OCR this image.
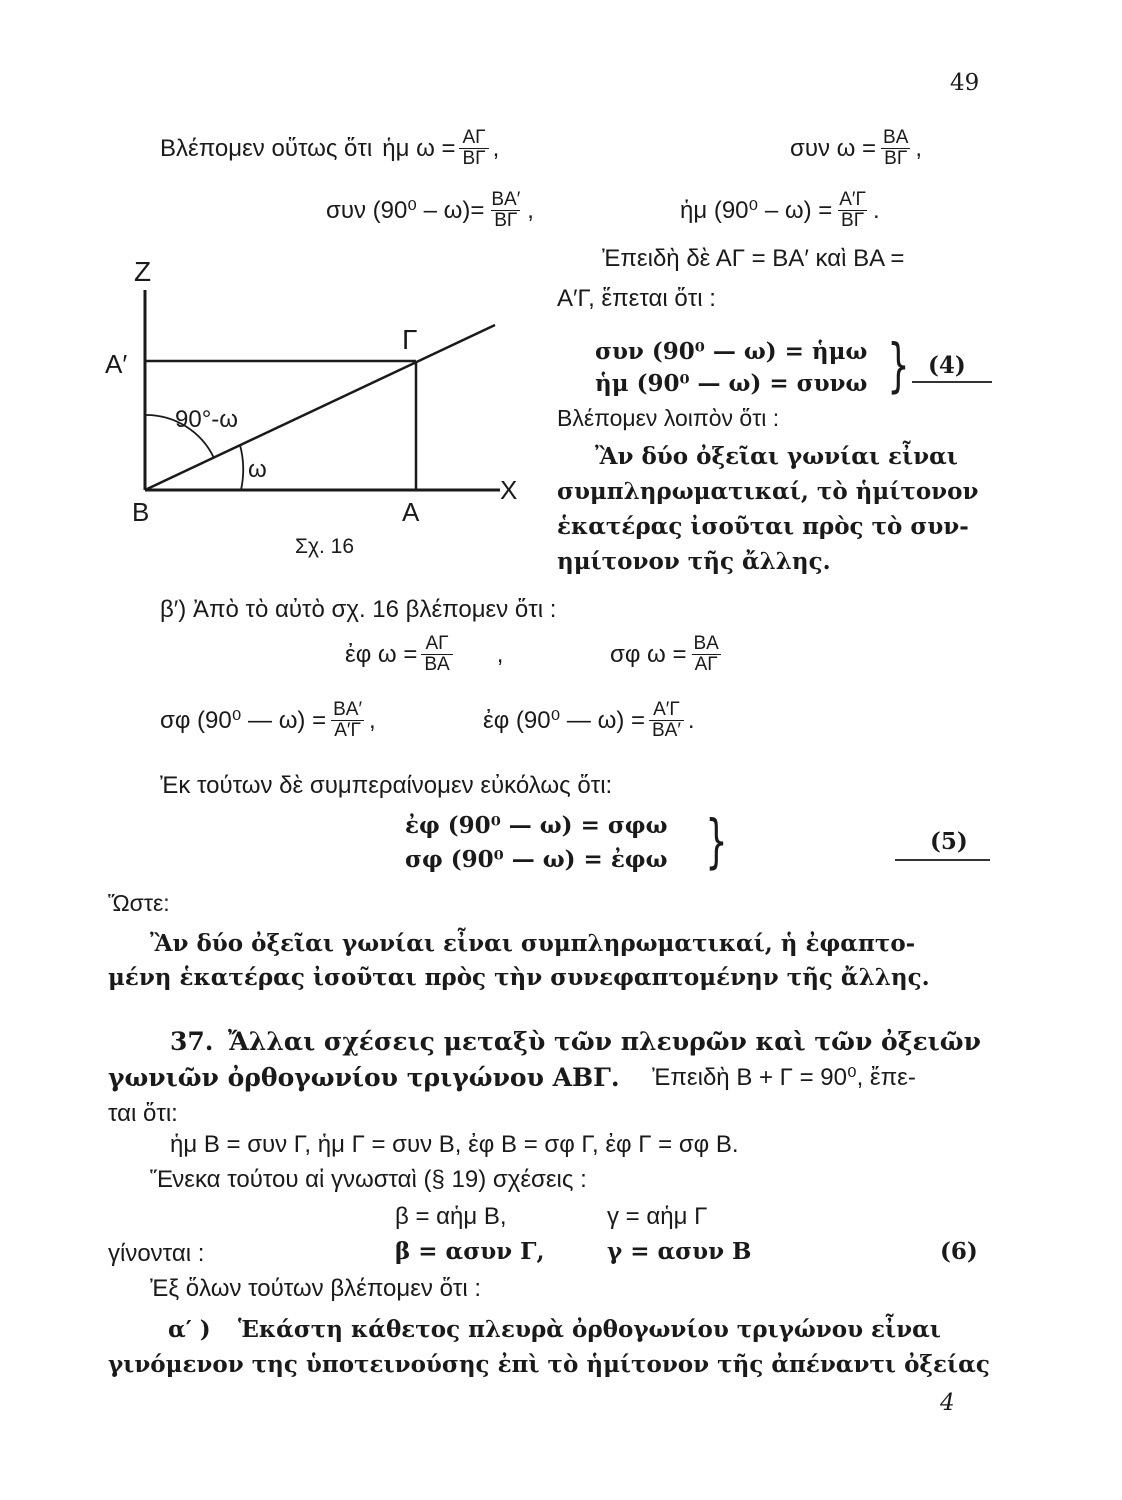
49
Βλέπομεν οὕτως ὅτι ἡμ $\omega = \frac{A\Gamma}{B\Gamma}$ ,	συν $\omega = \frac{BA}{B\Gamma}$ ,
συν $(90^0 - \omega)= \frac{BA'}{B\Gamma}$ ,	ἡμ $(90^0 - \omega) = \frac{A'\Gamma}{B\Gamma}$ .
Z
A′
Γ
90°-ω
ω
B	A
X
Σχ. 16
Ἐπειδὴ δὲ ΑΓ = ΒΑ′ καὶ ΒΑ =
Α′Γ, ἕπεται ὅτι :
συν (90⁰ — ω) = ἡμω
ἡμ (90⁰ — ω) = συνω } (4)
Βλέπομεν λοιπὸν ὅτι :
Ἂν δύο ὀξεῖαι γωνίαι εἶναι
συμπληρωματικαί, τὸ ἡμίτονον
ἑκατέρας ἰσοῦται πρὸς τὸ συν-
ημίτονον τῆς ἄλλης.
β′) Ἀπὸ τὸ αὐτὸ σχ. 16 βλέπομεν ὅτι :
ἐφ $\omega = \frac{A\Gamma}{BA}$ ,	σφ $\omega = \frac{BA}{A\Gamma}$
σφ (90⁰ — $\omega) = \frac{BA'}{A'\Gamma}$ ,	ἐφ (90⁰ — $\omega) = \frac{A'\Gamma}{BA'}$ .
Ἐκ τούτων δὲ συμπεραίνομεν εὐκόλως ὅτι:
ἐφ (90⁰ — ω) = σφω
σφ (90⁰ — ω) = ἐφω }	(5)
Ὥστε:
Ἂν δύο ὀξεῖαι γωνίαι εἶναι συμπληρωματικαί, ἡ ἐφαπτο-
μένη ἑκατέρας ἰσοῦται πρὸς τὴν συνεφαπτομένην τῆς ἄλλης.
37. Ἄλλαι σχέσεις μεταξὺ τῶν πλευρῶν καὶ τῶν ὀξειῶν
γωνιῶν ὀρθογωνίου τριγώνου ΑΒΓ. Ἐπειδὴ Β + Γ = 90⁰, ἔπε-
ται ὅτι:
ἡμ Β = συν Γ, ἡμ Γ = συν Β, ἐφ Β = σφ Γ, ἐφ Γ = σφ Β.
Ἕνεκα τούτου αἱ γνωσταὶ (§ 19) σχέσεις :
β = αἡμ Β,	γ = αἡμ Γ
γίνονται :	β = ασυν Γ,	γ = ασυν Β	(6)
Ἐξ ὅλων τούτων βλέπομεν ὅτι :
α′ ) Ἑκάστη κάθετος πλευρὰ ὀρθογωνίου τριγώνου εἶναι
γινόμενον της ὑποτεινούσης ἐπὶ τὸ ἡμίτονον τῆς ἀπέναντι ὀξείας
4
